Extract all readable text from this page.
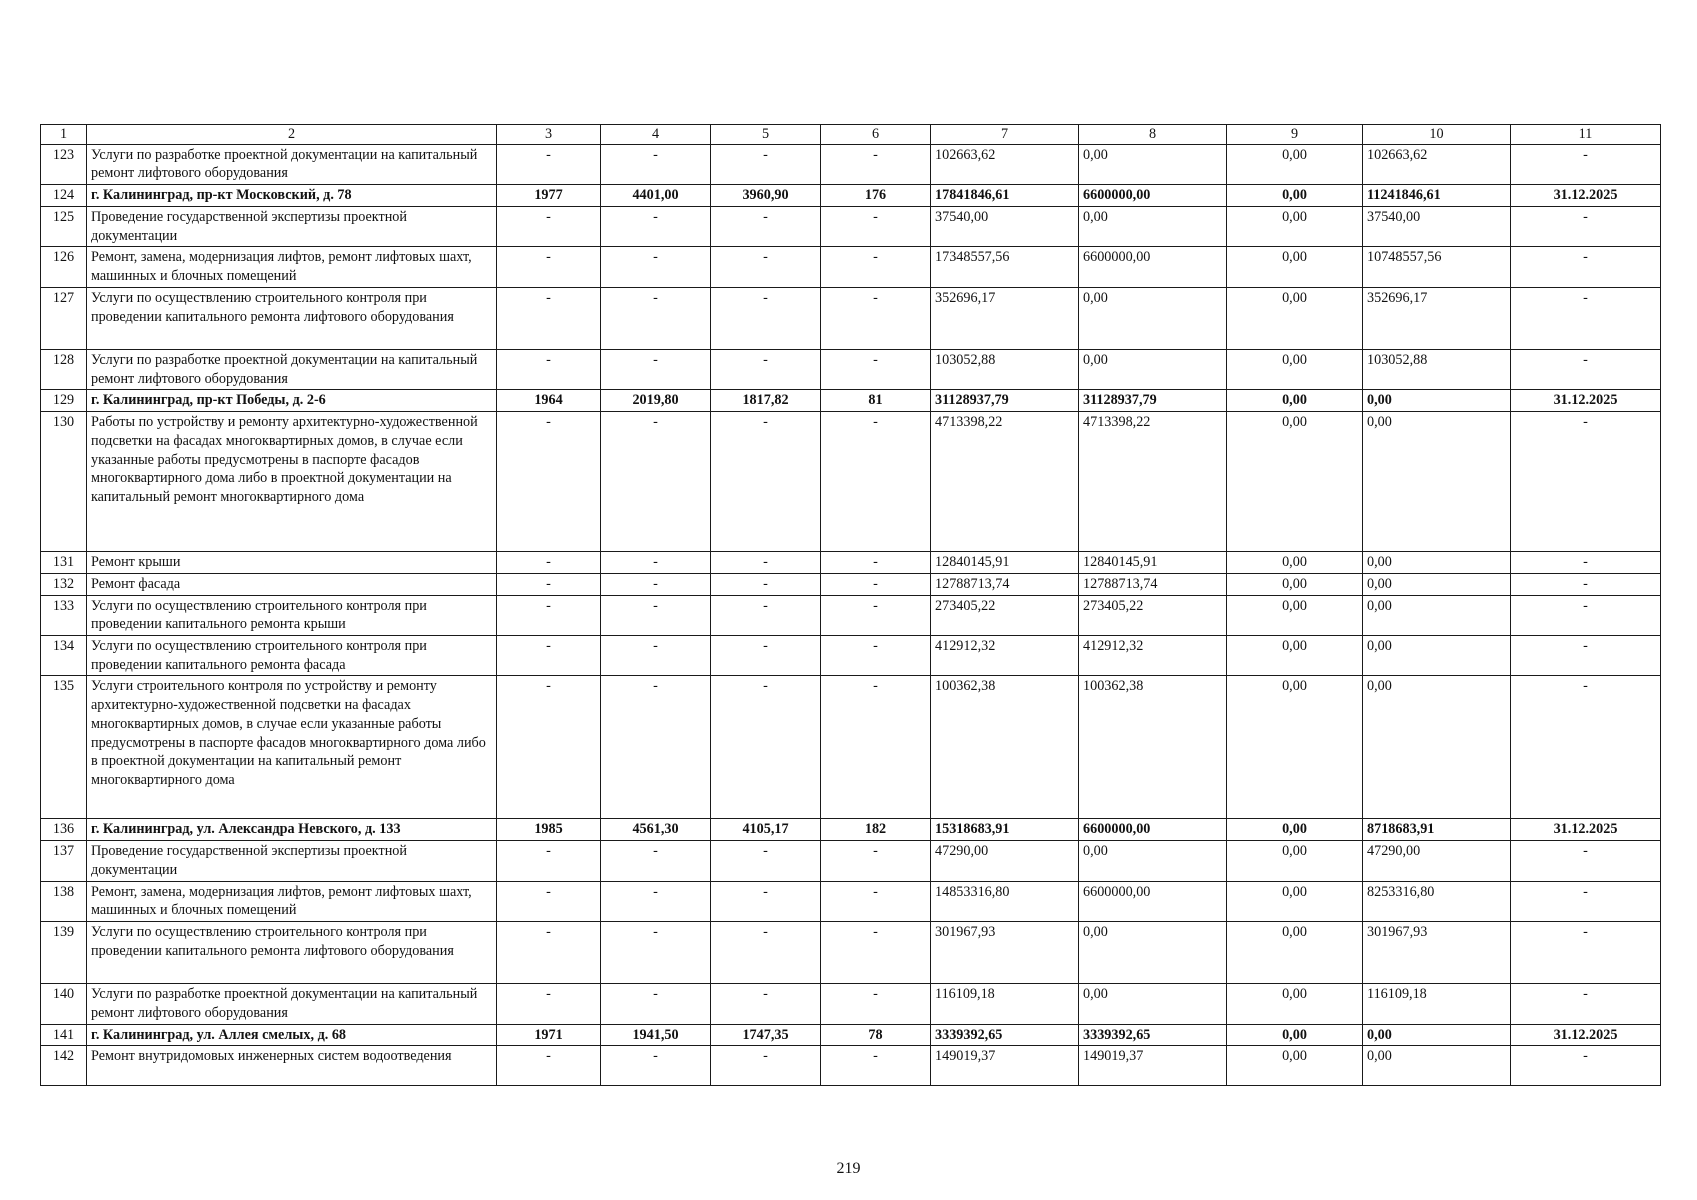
1	2	3	4	5	6	7	8	9	10	11
123	Услуги по разработке проектной документации на капитальный ремонт лифтового оборудования	-	-	-	-	102663,62	0,00	0,00	102663,62	-
124	г. Калининград, пр-кт Московский, д. 78	1977	4401,00	3960,90	176	17841846,61	6600000,00	0,00	11241846,61	31.12.2025
125	Проведение государственной экспертизы проектной документации	-	-	-	-	37540,00	0,00	0,00	37540,00	-
126	Ремонт, замена, модернизация лифтов, ремонт лифтовых шахт, машинных и блочных помещений	-	-	-	-	17348557,56	6600000,00	0,00	10748557,56	-
127	Услуги по осуществлению строительного контроля при проведении капитального ремонта лифтового оборудования	-	-	-	-	352696,17	0,00	0,00	352696,17	-
128	Услуги по разработке проектной документации на капитальный ремонт лифтового оборудования	-	-	-	-	103052,88	0,00	0,00	103052,88	-
129	г. Калининград, пр-кт Победы, д. 2-6	1964	2019,80	1817,82	81	31128937,79	31128937,79	0,00	0,00	31.12.2025
130	Работы по устройству и ремонту архитектурно-художественной подсветки на фасадах многоквартирных домов, в случае если указанные работы предусмотрены в паспорте фасадов многоквартирного дома либо в проектной документации на капитальный ремонт многоквартирного дома	-	-	-	-	4713398,22	4713398,22	0,00	0,00	-
131	Ремонт крыши	-	-	-	-	12840145,91	12840145,91	0,00	0,00	-
132	Ремонт фасада	-	-	-	-	12788713,74	12788713,74	0,00	0,00	-
133	Услуги по осуществлению строительного контроля при проведении капитального ремонта крыши	-	-	-	-	273405,22	273405,22	0,00	0,00	-
134	Услуги по осуществлению строительного контроля при проведении капитального ремонта фасада	-	-	-	-	412912,32	412912,32	0,00	0,00	-
135	Услуги строительного контроля по устройству и ремонту архитектурно-художественной подсветки на фасадах многоквартирных домов, в случае если указанные работы предусмотрены в паспорте фасадов многоквартирного дома либо в проектной документации на капитальный ремонт многоквартирного дома	-	-	-	-	100362,38	100362,38	0,00	0,00	-
136	г. Калининград, ул. Александра Невского, д. 133	1985	4561,30	4105,17	182	15318683,91	6600000,00	0,00	8718683,91	31.12.2025
137	Проведение государственной экспертизы проектной документации	-	-	-	-	47290,00	0,00	0,00	47290,00	-
138	Ремонт, замена, модернизация лифтов, ремонт лифтовых шахт, машинных и блочных помещений	-	-	-	-	14853316,80	6600000,00	0,00	8253316,80	-
139	Услуги по осуществлению строительного контроля при проведении капитального ремонта лифтового оборудования	-	-	-	-	301967,93	0,00	0,00	301967,93	-
140	Услуги по разработке проектной документации на капитальный ремонт лифтового оборудования	-	-	-	-	116109,18	0,00	0,00	116109,18	-
141	г. Калининград, ул. Аллея смелых, д. 68	1971	1941,50	1747,35	78	3339392,65	3339392,65	0,00	0,00	31.12.2025
142	Ремонт внутридомовых инженерных систем водоотведения	-	-	-	-	149019,37	149019,37	0,00	0,00	-
219
